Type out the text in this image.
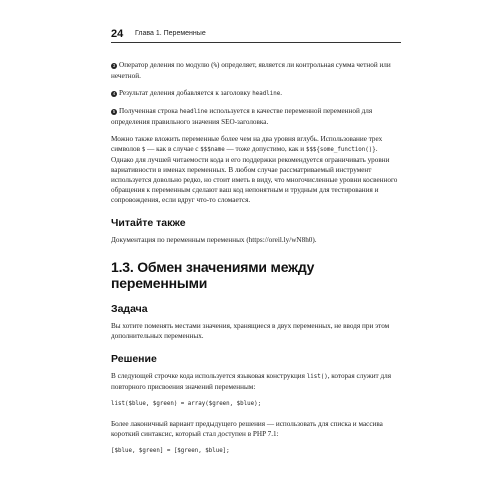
24 Глава 1. Переменные

3 Оператор деления по модулю (%) определяет, является ли контрольная сумма четной или нечетной.

4 Результат деления добавляется к заголовку headline.

5 Полученная строка headline используется в качестве переменной переменной для определения правильного значения SEO-заголовка.

Можно также вложить переменные более чем на два уровня вглубь. Использование трех символов $ — как в случае с $$$name — тоже допустимо, как и $$${some_function()}. Однако для лучшей читаемости кода и его поддержки рекомендуется ограничивать уровни вариативности в именах переменных. В любом случае рассматриваемый инструмент используется довольно редко, но стоит иметь в виду, что многочисленные уровни косвенного обращения к переменным сделают ваш код непонятным и трудным для тестирования и сопровождения, если вдруг что-то сломается.

Читайте также

Документация по переменным переменных (https://oreil.ly/wN8h0).

1.3. Обмен значениями между переменными
Задача

Вы хотите поменять местами значения, хранящиеся в двух переменных, не вводя при этом дополнительных переменных.

Решение

В следующей строчке кода используется языковая конструкция list(), которая служит для повторного присвоения значений переменным:

list($blue, $green) = array($green, $blue);

Более лаконичный вариант предыдущего решения — использовать для списка и массива короткий синтаксис, который стал доступен в PHP 7.1:

[$blue, $green] = [$green, $blue];
